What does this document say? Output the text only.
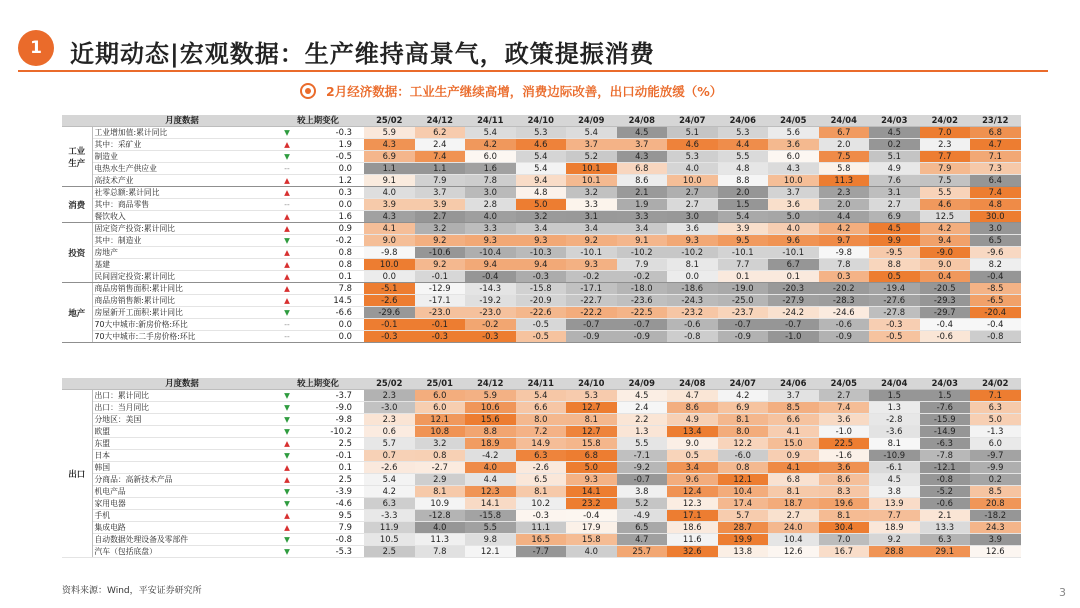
1	近期动态|宏观数据：生产维持高景气，政策提振消费
2月经济数据：工业生产继续高增，消费边际改善，出口动能放缓（%）
	月度数据	较上期变化		25/02	24/12	24/11	24/10	24/09	24/08	24/07	24/06	24/05	24/04	24/03	24/02	23/12
工业 生产	工业增加值:累计同比	▼	-0.3	5.9	6.2	5.4	5.3	5.4	4.5	5.1	5.3	5.6	6.7	4.5	7.0	6.8
	其中：采矿业	▲	1.9	4.3	2.4	4.2	4.6	3.7	3.7	4.6	4.4	3.6	2.0	0.2	2.3	4.7
	制造业	▼	-0.5	6.9	7.4	6.0	5.4	5.2	4.3	5.3	5.5	6.0	7.5	5.1	7.7	7.1
	电热水生产供应业	--	0.0	1.1	1.1	1.6	5.4	10.1	6.8	4.0	4.8	4.3	5.8	4.9	7.9	7.3
	高技术产业	▲	1.2	9.1	7.9	7.8	9.4	10.1	8.6	10.0	8.8	10.0	11.3	7.6	7.5	6.4
消费	社零总额:累计同比	▲	0.3	4.0	3.7	3.0	4.8	3.2	2.1	2.7	2.0	3.7	2.3	3.1	5.5	7.4
	其中：商品零售	--	0.0	3.9	3.9	2.8	5.0	3.3	1.9	2.7	1.5	3.6	2.0	2.7	4.6	4.8
	餐饮收入	▲	1.6	4.3	2.7	4.0	3.2	3.1	3.3	3.0	5.4	5.0	4.4	6.9	12.5	30.0
投资	固定资产投资:累计同比	▲	0.9	4.1	3.2	3.3	3.4	3.4	3.4	3.6	3.9	4.0	4.2	4.5	4.2	3.0
	其中：制造业	▼	-0.2	9.0	9.2	9.3	9.3	9.2	9.1	9.3	9.5	9.6	9.7	9.9	9.4	6.5
	房地产	▲	0.8	-9.8	-10.6	-10.4	-10.3	-10.1	-10.2	-10.2	-10.1	-10.1	-9.8	-9.5	-9.0	-9.6
	基建	▲	0.8	10.0	9.2	9.4	9.4	9.3	7.9	8.1	7.7	6.7	7.8	8.8	9.0	8.2
	民间固定投资:累计同比	▲	0.1	0.0	-0.1	-0.4	-0.3	-0.2	-0.2	0.0	0.1	0.1	0.3	0.5	0.4	-0.4
地产	商品房销售面积:累计同比	▲	7.8	-5.1	-12.9	-14.3	-15.8	-17.1	-18.0	-18.6	-19.0	-20.3	-20.2	-19.4	-20.5	-8.5
	商品房销售额:累计同比	▲	14.5	-2.6	-17.1	-19.2	-20.9	-22.7	-23.6	-24.3	-25.0	-27.9	-28.3	-27.6	-29.3	-6.5
	房屋新开工面积:累计同比	▼	-6.6	-29.6	-23.0	-23.0	-22.6	-22.2	-22.5	-23.2	-23.7	-24.2	-24.6	-27.8	-29.7	-20.4
	70大中城市:新房价格:环比	--	0.0	-0.1	-0.1	-0.2	-0.5	-0.7	-0.7	-0.6	-0.7	-0.7	-0.6	-0.3	-0.4	-0.4
	70大中城市:二手房价格:环比	--	0.0	-0.3	-0.3	-0.3	-0.5	-0.9	-0.9	-0.8	-0.9	-1.0	-0.9	-0.5	-0.6	-0.8
	月度数据	较上期变化		25/02	25/01	24/12	24/11	24/10	24/09	24/08	24/07	24/06	24/05	24/04	24/03	24/02
出口	出口：累计同比	▼	-3.7	2.3	6.0	5.9	5.4	5.3	4.5	4.7	4.2	3.7	2.7	1.5	1.5	7.1
	出口：当月同比	▼	-9.0	-3.0	6.0	10.6	6.6	12.7	2.4	8.6	6.9	8.5	7.4	1.3	-7.6	6.3
	分地区：美国	▼	-9.8	2.3	12.1	15.6	8.0	8.1	2.2	4.9	8.1	6.6	3.6	-2.8	-15.9	5.0
	欧盟	▼	-10.2	0.6	10.8	8.8	7.2	12.7	1.3	13.4	8.0	4.1	-1.0	-3.6	-14.9	-1.3
	东盟	▲	2.5	5.7	3.2	18.9	14.9	15.8	5.5	9.0	12.2	15.0	22.5	8.1	-6.3	6.0
	日本	▼	-0.1	0.7	0.8	-4.2	6.3	6.8	-7.1	0.5	-6.0	0.9	-1.6	-10.9	-7.8	-9.7
	韩国	▲	0.1	-2.6	-2.7	4.0	-2.6	5.0	-9.2	3.4	0.8	4.1	3.6	-6.1	-12.1	-9.9
	分商品：高新技术产品	▲	2.5	5.4	2.9	4.4	6.5	9.3	-0.7	9.6	12.1	6.8	8.6	4.5	-0.8	0.2
	机电产品	▼	-3.9	4.2	8.1	12.3	8.1	14.1	3.8	12.4	10.4	8.1	8.3	3.8	-5.2	8.5
	家用电器	▼	-4.6	6.3	10.9	14.1	10.2	23.2	5.2	12.3	17.4	18.7	19.6	13.9	-0.6	20.8
	手机	▲	9.5	-3.3	-12.8	-15.8	-0.3	-0.4	-4.9	17.1	5.7	2.7	8.1	7.7	2.1	-18.2
	集成电路	▲	7.9	11.9	4.0	5.5	11.1	17.9	6.5	18.6	28.7	24.0	30.4	18.9	13.3	24.3
	自动数据处理设备及零部件	▼	-0.8	10.5	11.3	9.8	16.5	15.8	4.7	11.6	19.9	10.4	7.0	9.2	6.3	3.9
	汽车（包括底盘）	▼	-5.3	2.5	7.8	12.1	-7.7	4.0	25.7	32.6	13.8	12.6	16.7	28.8	29.1	12.6
资料来源：Wind，平安证券研究所	3
